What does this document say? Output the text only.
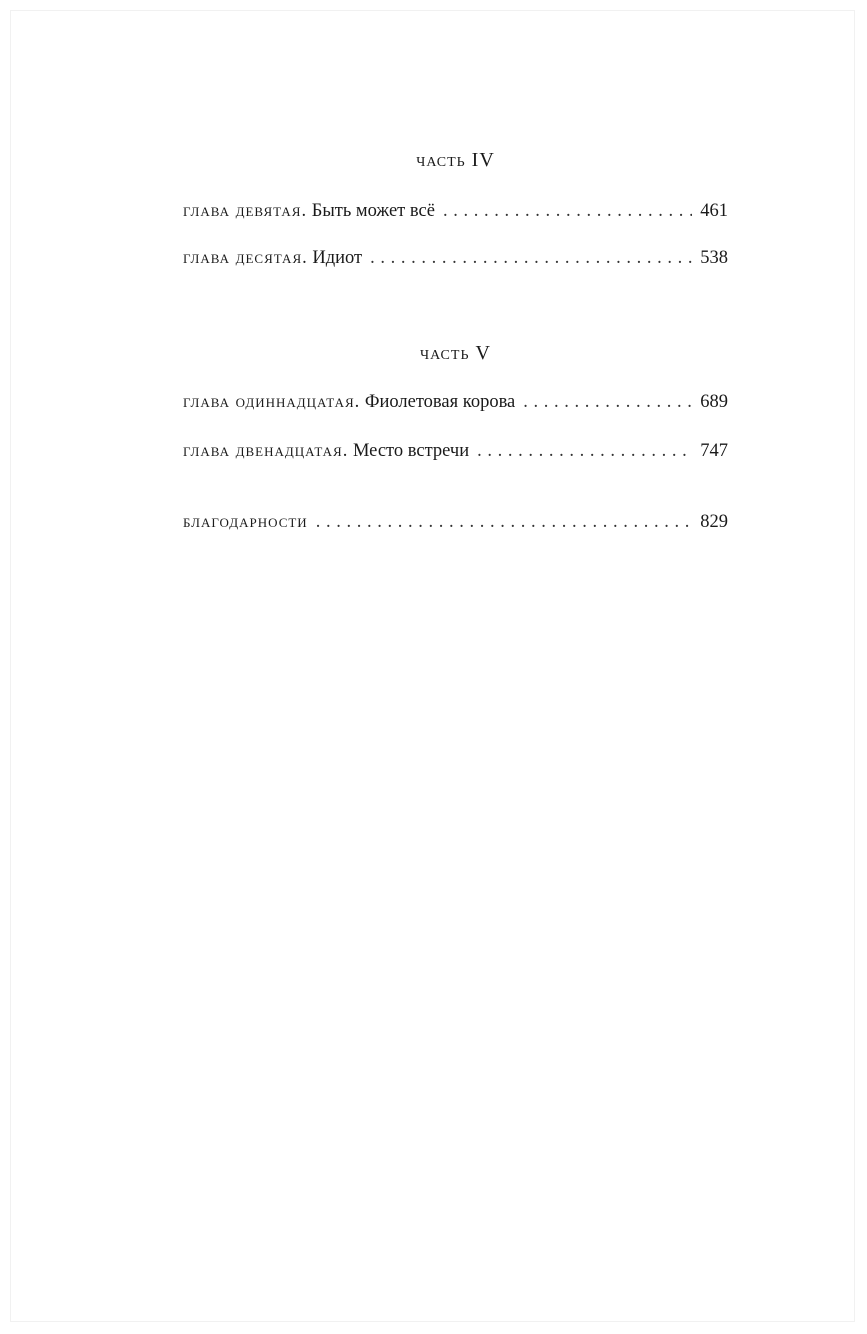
часть IV
глава девятая. Быть может всё . . .	461
глава десятая. Идиот . . .	538
часть V
глава одиннадцатая. Фиолетовая корова . . .	689
глава двенадцатая. Место встречи . . .	747
благодарности . . .	829
